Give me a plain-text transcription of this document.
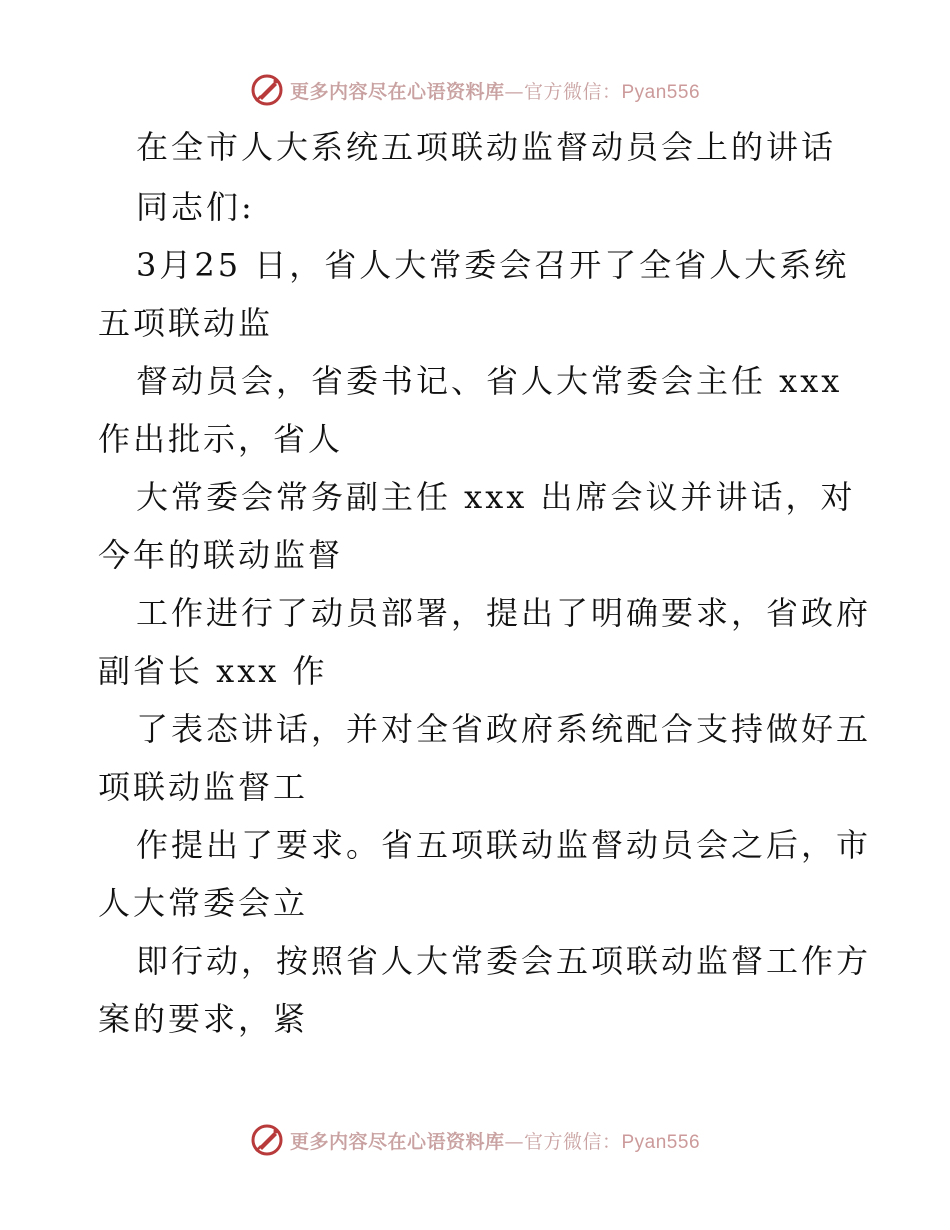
更多内容尽在心语资料库—官方微信：Pyan556
在全市人大系统五项联动监督动员会上的讲话
同志们:
3月25 日，省人大常委会召开了全省人大系统
五项联动监
督动员会，省委书记、省人大常委会主任 xxx
作出批示，省人
大常委会常务副主任 xxx 出席会议并讲话，对
今年的联动监督
工作进行了动员部署，提出了明确要求，省政府
副省长 xxx 作
了表态讲话，并对全省政府系统配合支持做好五
项联动监督工
作提出了要求。省五项联动监督动员会之后，市
人大常委会立
即行动，按照省人大常委会五项联动监督工作方
案的要求，紧
更多内容尽在心语资料库—官方微信：Pyan556
